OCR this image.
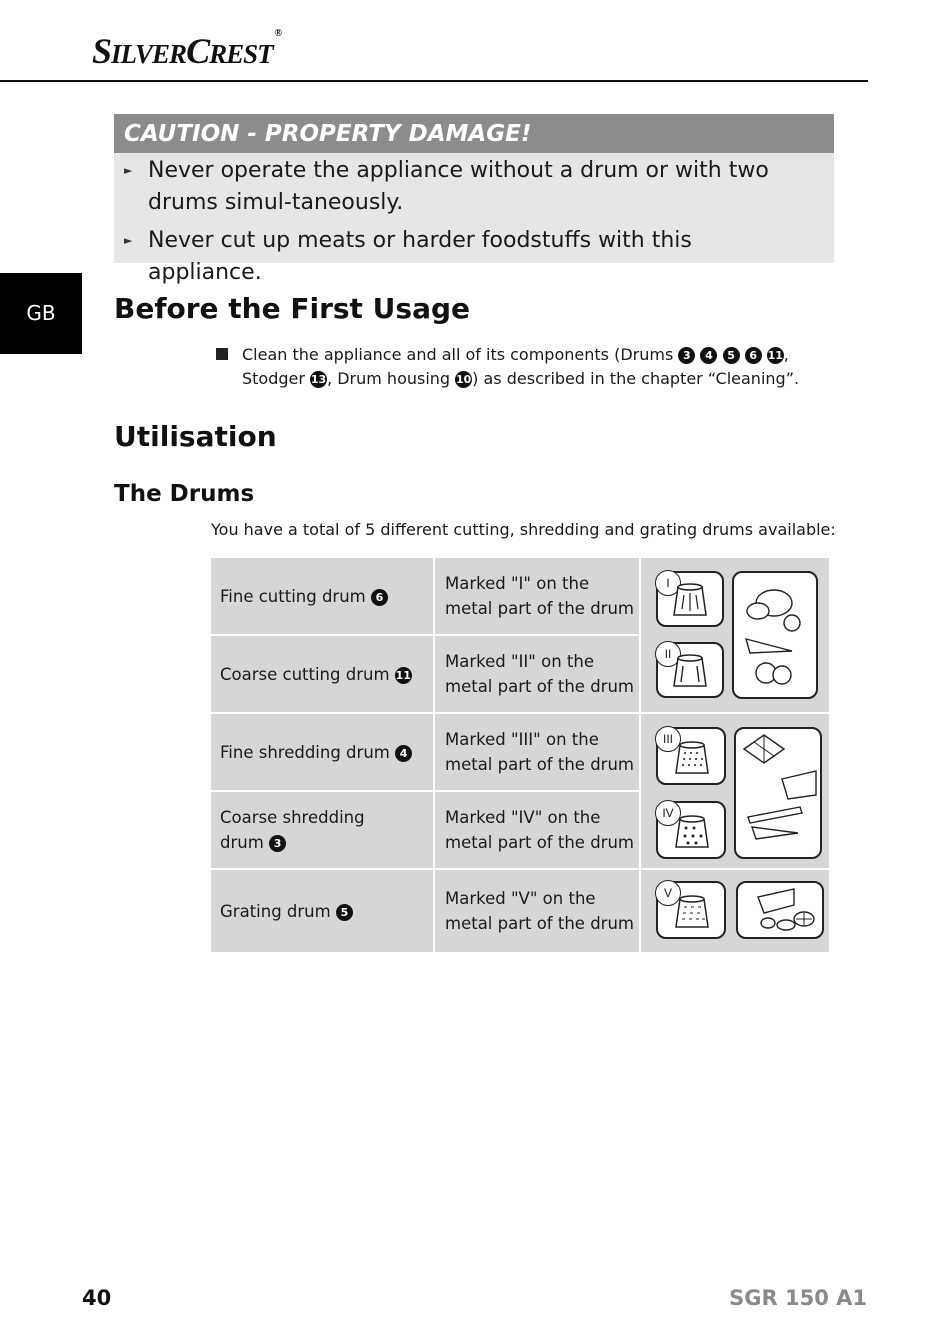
SILVERCREST®
CAUTION - PROPERTY DAMAGE!
► Never operate the appliance without a drum or with two drums simul-taneously.
► Never cut up meats or harder foodstuffs with this appliance.
GB	Before the First Usage
Clean the appliance and all of its components (Drums 3 4 5 6 11, Stodger 13, Drum housing 10) as described in the chapter “Cleaning”.
Utilisation
The Drums
You have a total of 5 different cutting, shredding and grating drums available:
Fine cutting drum 6
Marked "I" on the metal part of the drum
Coarse cutting drum 11
Marked "II" on the metal part of the drum
I
II
Fine shredding drum 4
Marked "III" on the metal part of the drum
Coarse shredding drum 3
Marked "IV" on the metal part of the drum
III
IV
Grating drum 5
Marked "V" on the metal part of the drum
V
40	SGR 150 A1
